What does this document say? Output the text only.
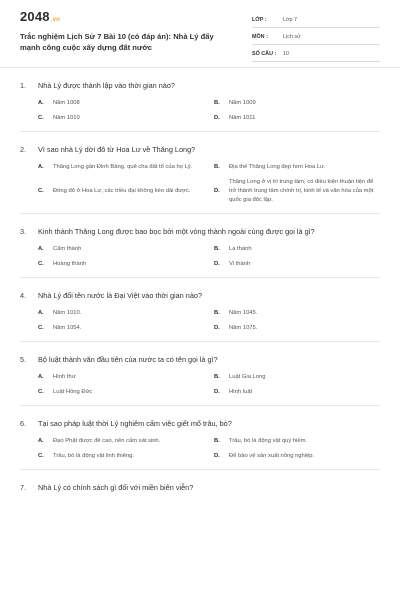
2048.vn
Trắc nghiệm Lịch Sử 7 Bài 10 (có đáp án): Nhà Lý đẩy mạnh công cuộc xây dựng đất nước
LỚP :	Lớp 7
MÔN :	Lịch sử
SỐ CÂU :	10
1.	Nhà Lý được thành lập vào thời gian nào?
A.	Năm 1008	B.	Năm 1009
C.	Năm 1010	D.	Năm 1011
2.	Vì sao nhà Lý dời đô từ Hoa Lư về Thăng Long?
A.	Thăng Long gần Đinh Bảng, quê cha đất tổ của họ Lý.	B.	Địa thế Thăng Long đẹp hơn Hoa Lư.
C.	Đóng đô ở Hoa Lư, các triều đại không kéo dài được.	D.
Thăng Long ở vị trí trung tâm, có điều kiện thuận tiện để trở thành trung tâm chính trị, kinh tế và văn hóa của một quốc gia độc lập.
3.	Kinh thành Thăng Long được bao bọc bởi một vòng thành ngoài cùng được gọi là gì?
A.	Cấm thành	B.	La thành
C.	Hoàng thành	D.	Vi thành
4.	Nhà Lý đổi tên nước là Đại Việt vào thời gian nào?
A.	Năm 1010.	B.	Năm 1045.
C.	Năm 1054.	D.	Năm 1075.
5.	Bộ luật thành văn đầu tiên của nước ta có tên gọi là gì?
A.	Hình thư	B.	Luật Gia Long
C.	Luật Hồng Đức	D.	Hình luật
6.	Tại sao pháp luật thời Lý nghiêm cấm việc giết mổ trâu, bò?
A.	Đạo Phật được đề cao, nên cấm sát sinh.	B.	Trâu, bò là động vật quý hiếm.
C.	Trâu, bò là động vật linh thiêng.	D.	Để bảo vệ sản xuất nông nghiệp.
7.	Nhà Lý có chính sách gì đối với miền biên viễn?
